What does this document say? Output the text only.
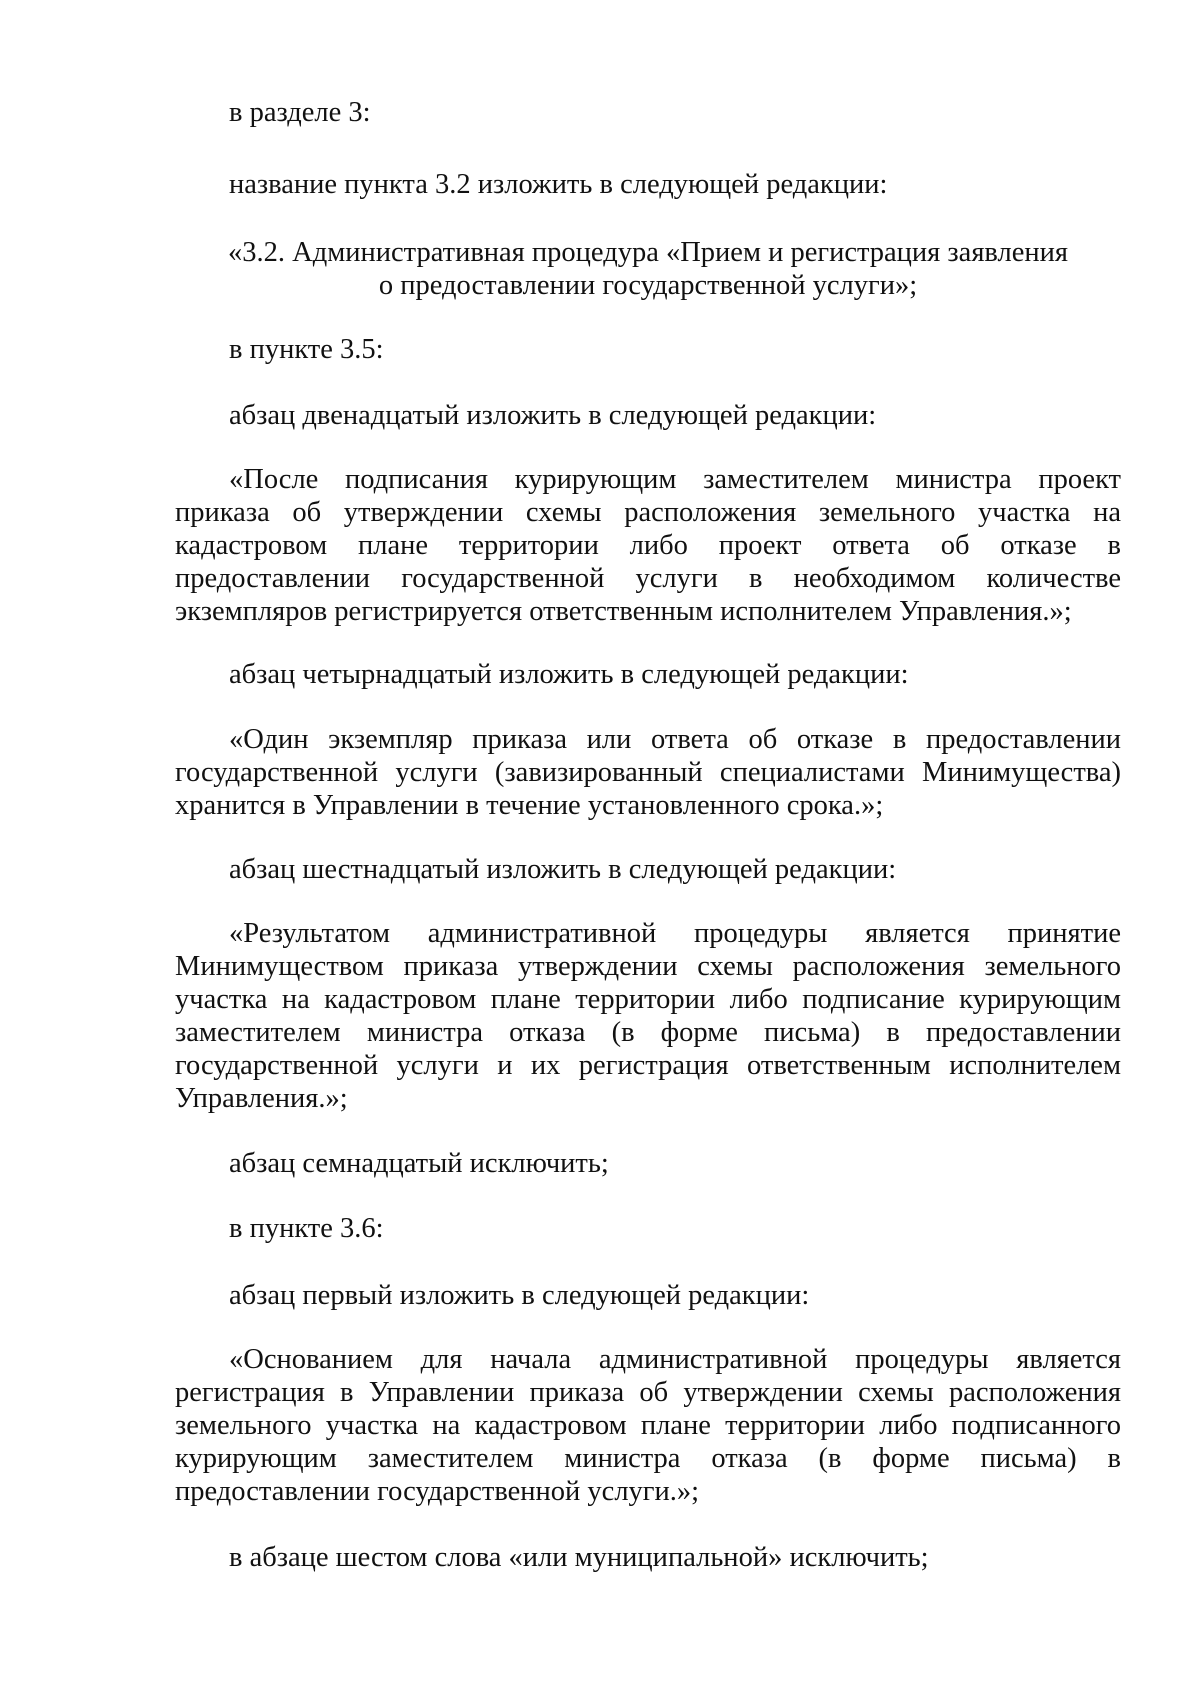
в разделе 3:

название пункта 3.2 изложить в следующей редакции:

«3.2. Административная процедура «Прием и регистрация заявления
о предоставлении государственной услуги»;

в пункте 3.5:

абзац двенадцатый изложить в следующей редакции:

«После подписания курирующим заместителем министра проект приказа об утверждении схемы расположения земельного участка на кадастровом плане территории либо проект ответа об отказе в предоставлении государственной услуги в необходимом количестве экземпляров регистрируется ответственным исполнителем Управления.»;

абзац четырнадцатый изложить в следующей редакции:

«Один экземпляр приказа или ответа об отказе в предоставлении государственной услуги (завизированный специалистами Минимущества) хранится в Управлении в течение установленного срока.»;

абзац шестнадцатый изложить в следующей редакции:

«Результатом административной процедуры является принятие Минимуществом приказа утверждении схемы расположения земельного участка на кадастровом плане территории либо подписание курирующим заместителем министра отказа (в форме письма) в предоставлении государственной услуги и их регистрация ответственным исполнителем Управления.»;

абзац семнадцатый исключить;

в пункте 3.6:

абзац первый изложить в следующей редакции:

«Основанием для начала административной процедуры является регистрация в Управлении приказа об утверждении схемы расположения земельного участка на кадастровом плане территории либо подписанного курирующим заместителем министра отказа (в форме письма) в предоставлении государственной услуги.»;

в абзаце шестом слова «или муниципальной» исключить;
